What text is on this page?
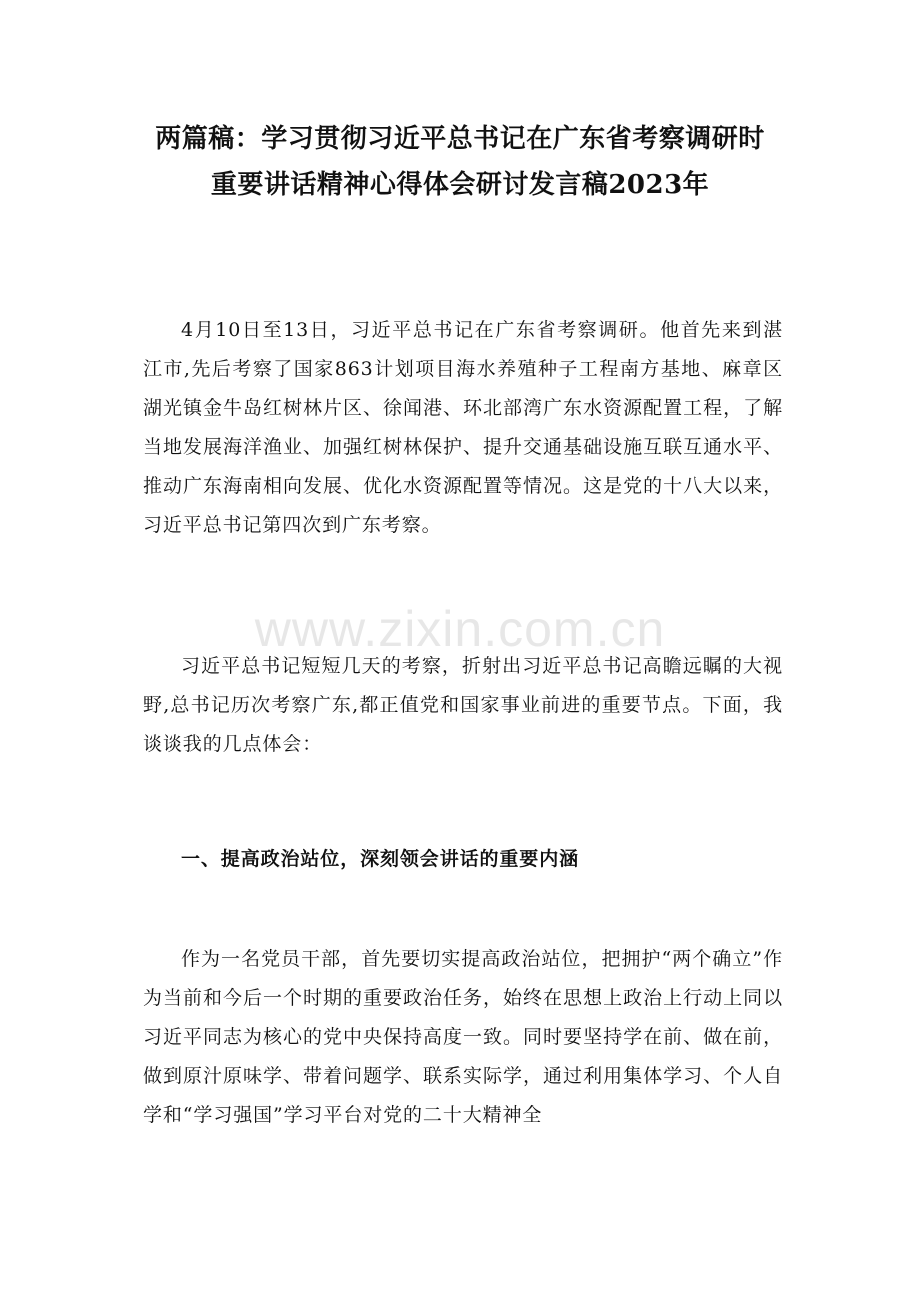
两篇稿：学习贯彻习近平总书记在广东省考察调研时
重要讲话精神心得体会研讨发言稿2023年

4月10日至13日，习近平总书记在广东省考察调研。他首先来到湛江市,先后考察了国家863计划项目海水养殖种子工程南方基地、麻章区湖光镇金牛岛红树林片区、徐闻港、环北部湾广东水资源配置工程，了解当地发展海洋渔业、加强红树林保护、提升交通基础设施互联互通水平、推动广东海南相向发展、优化水资源配置等情况。这是党的十八大以来，习近平总书记第四次到广东考察。

www.zixin.com.cn

习近平总书记短短几天的考察，折射出习近平总书记高瞻远瞩的大视野,总书记历次考察广东,都正值党和国家事业前进的重要节点。下面，我谈谈我的几点体会：

一、提高政治站位，深刻领会讲话的重要内涵

作为一名党员干部，首先要切实提高政治站位，把拥护“两个确立”作为当前和今后一个时期的重要政治任务，始终在思想上政治上行动上同以习近平同志为核心的党中央保持高度一致。同时要坚持学在前、做在前，做到原汁原味学、带着问题学、联系实际学，通过利用集体学习、个人自学和“学习强国”学习平台对党的二十大精神全
